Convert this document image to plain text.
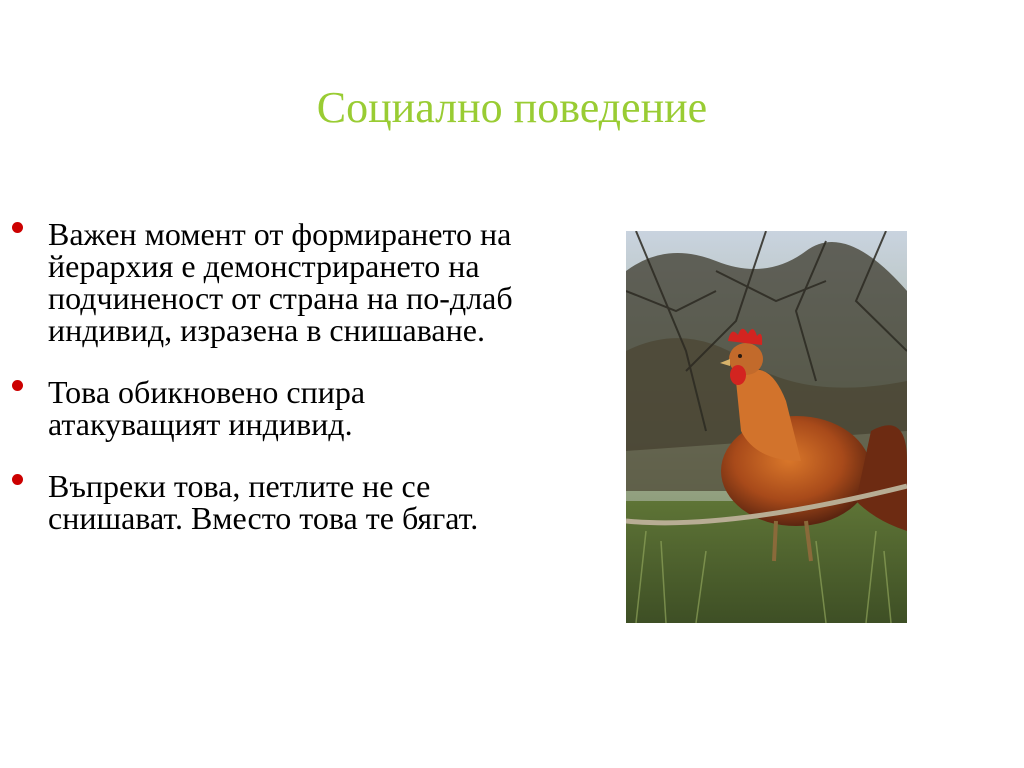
Социално поведение
Важен момент от формирането на йерархия е демонстрирането на подчиненост от страна на по-длаб индивид, изразена в снишаване.
Това обикновено спира атакуващият индивид.
Въпреки това, петлите не се снишават. Вместо това те бягат.
